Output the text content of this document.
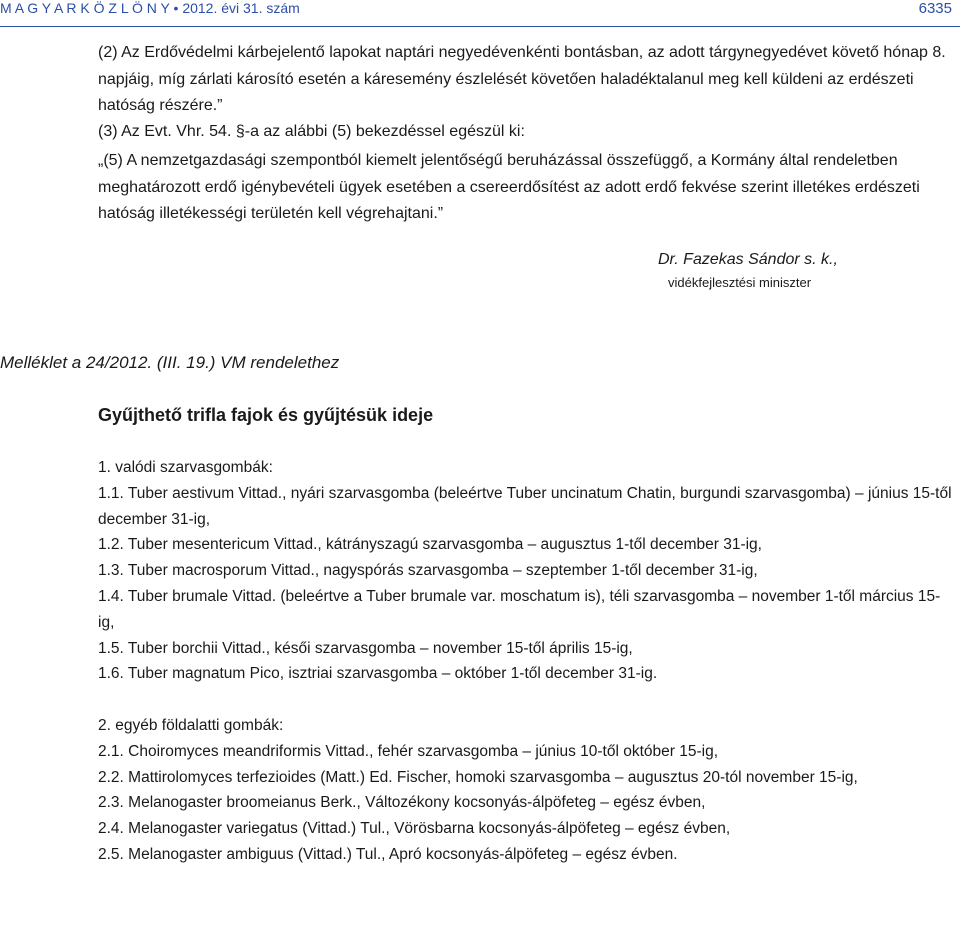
M A G Y A R K Ö Z L Ö N Y • 2012. évi 31. szám	6335
(2) Az Erdővédelmi kárbejelentő lapokat naptári negyedévenkénti bontásban, az adott tárgynegyedévet követő hónap 8. napjáig, míg zárlati károsító esetén a káresemény észlelését követően haladéktalanul meg kell küldeni az erdészeti hatóság részére.”
(3) Az Evt. Vhr. 54. §-a az alábbi (5) bekezdéssel egészül ki:
„(5) A nemzetgazdasági szempontból kiemelt jelentőségű beruházással összefüggő, a Kormány által rendeletben meghatározott erdő igénybevételi ügyek esetében a csereerdősítést az adott erdő fekvése szerint illetékes erdészeti hatóság illetékességi területén kell végrehajtani.”
Dr. Fazekas Sándor s. k.,
vidékfejlesztési miniszter
Melléklet a 24/2012. (III. 19.) VM rendelethez
Gyűjthető trifla fajok és gyűjtésük ideje
1. valódi szarvasgombák:
1.1. Tuber aestivum Vittad., nyári szarvasgomba (beleértve Tuber uncinatum Chatin, burgundi szarvasgomba) – június 15-től december 31-ig,
1.2. Tuber mesentericum Vittad., kátrányszagú szarvasgomba – augusztus 1-től december 31-ig,
1.3. Tuber macrosporum Vittad., nagyspórás szarvasgomba – szeptember 1-től december 31-ig,
1.4. Tuber brumale Vittad. (beleértve a Tuber brumale var. moschatum is), téli szarvasgomba – november 1-től március 15-ig,
1.5. Tuber borchii Vittad., késői szarvasgomba – november 15-től április 15-ig,
1.6. Tuber magnatum Pico, isztriai szarvasgomba – október 1-től december 31-ig.
2. egyéb földalatti gombák:
2.1. Choiromyces meandriformis Vittad., fehér szarvasgomba – június 10-től október 15-ig,
2.2. Mattirolomyces terfezioides (Matt.) Ed. Fischer, homoki szarvasgomba – augusztus 20-tól november 15-ig,
2.3. Melanogaster broomeianus Berk., Változékony kocsonyás-álpöfeteg – egész évben,
2.4. Melanogaster variegatus (Vittad.) Tul., Vörösbarna kocsonyás-álpöfeteg – egész évben,
2.5. Melanogaster ambiguus (Vittad.) Tul., Apró kocsonyás-álpöfeteg – egész évben.
